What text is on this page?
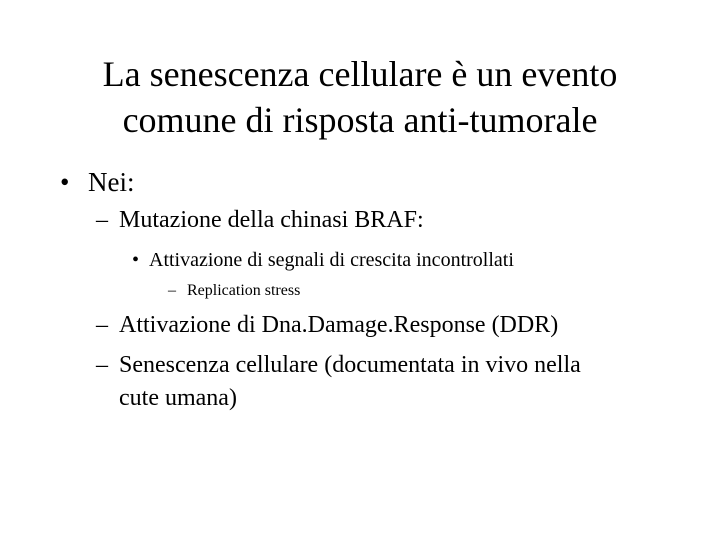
La senescenza cellulare è un evento
comune di risposta anti-tumorale
• Nei:
– Mutazione della chinasi BRAF:
• Attivazione di segnali di crescita incontrollati
– Replication stress
– Attivazione di Dna.Damage.Response (DDR)
– Senescenza cellulare (documentata in vivo nella
cute umana)
